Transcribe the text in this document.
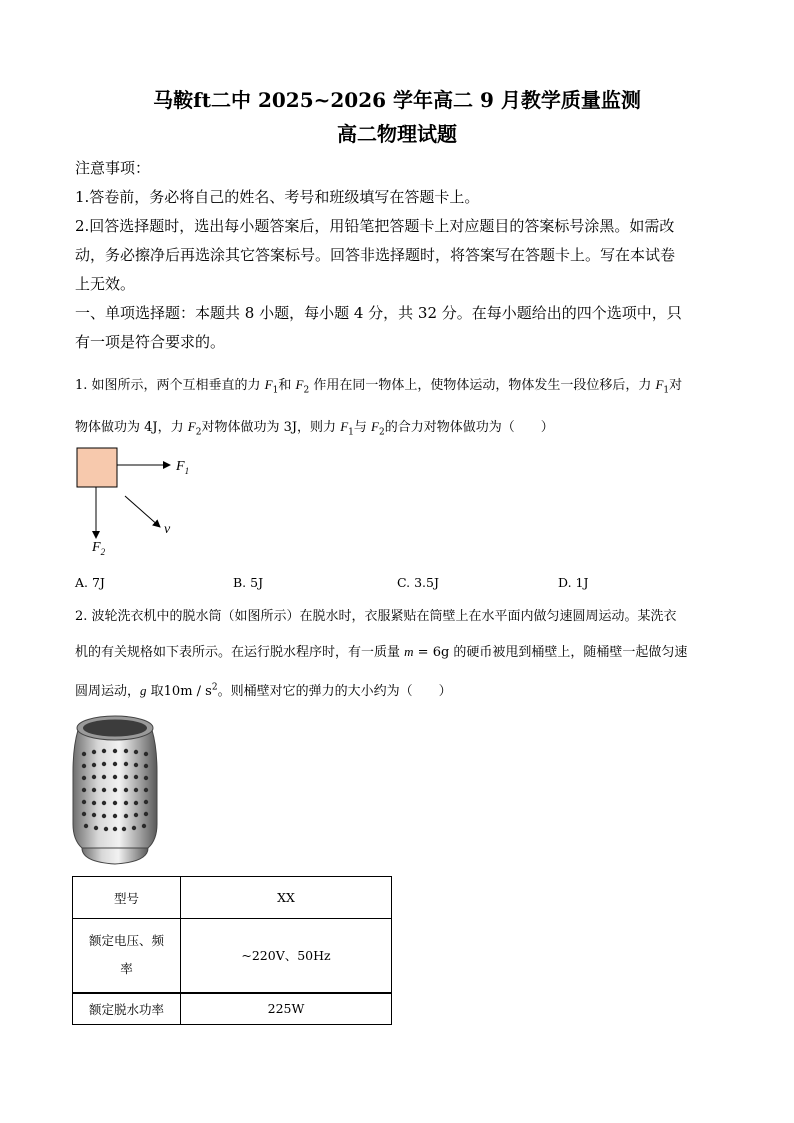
马鞍ft二中 2025~2026 学年高二 9 月教学质量监测
高二物理试题
注意事项：
1.答卷前，务必将自己的姓名、考号和班级填写在答题卡上。
2.回答选择题时，选出每小题答案后，用铅笔把答题卡上对应题目的答案标号涂黑。如需改
动，务必擦净后再选涂其它答案标号。回答非选择题时，将答案写在答题卡上。写在本试卷
上无效。
一、单项选择题：本题共 8 小题，每小题 4 分，共 32 分。在每小题给出的四个选项中，只
有一项是符合要求的。
1. 如图所示，两个互相垂直的力 $F_1$和 $F_2$ 作用在同一物体上，使物体运动，物体发生一段位移后，力 $F_1$对
物体做功为 4J，力 $F_2$对物体做功为 3J，则力 $F_1$与 $F_2$的合力对物体做功为（　　）
$F_1$
$F_2$
v
A. 7J	B. 5J	C. 3.5J	D. 1J
2. 波轮洗衣机中的脱水筒（如图所示）在脱水时，衣服紧贴在筒壁上在水平面内做匀速圆周运动。某洗衣
机的有关规格如下表所示。在运行脱水程序时，有一质量 m = 6g 的硬币被甩到桶壁上，随桶壁一起做匀速
圆周运动，g 取$10m / s^2$。则桶壁对它的弹力的大小约为（　　）
型号	XX
额定电压、频
率	~220V、50Hz
额定脱水功率	225W
